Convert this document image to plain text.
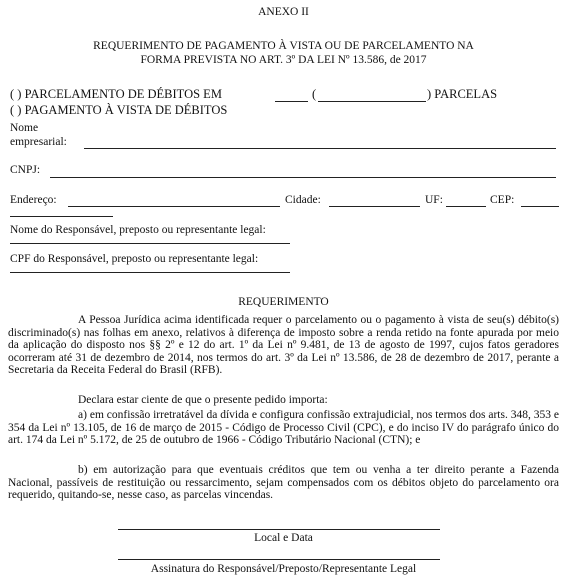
ANEXO II
REQUERIMENTO DE PAGAMENTO À VISTA OU DE PARCELAMENTO NA
FORMA PREVISTA NO ART. 3º DA LEI Nº 13.586, de 2017
( ) PARCELAMENTO DE DÉBITOS EM	(	) PARCELAS
( ) PAGAMENTO À VISTA DE DÉBITOS
Nome
empresarial:
CNPJ:
Endereço:	Cidade:	UF:	CEP:
Nome do Responsável, preposto ou representante legal:
CPF do Responsável, preposto ou representante legal:
REQUERIMENTO
A Pessoa Jurídica acima identificada requer o parcelamento ou o pagamento à vista de seu(s) débito(s) discriminado(s) nas folhas em anexo, relativos à diferença de imposto sobre a renda retido na fonte apurada por meio da aplicação do disposto nos §§ 2º e 12 do art. 1º da Lei nº 9.481, de 13 de agosto de 1997, cujos fatos geradores ocorreram até 31 de dezembro de 2014, nos termos do art. 3º da Lei nº 13.586, de 28 de dezembro de 2017, perante a Secretaria da Receita Federal do Brasil (RFB).
Declara estar ciente de que o presente pedido importa:
a) em confissão irretratável da dívida e configura confissão extrajudicial, nos termos dos arts. 348, 353 e 354 da Lei nº 13.105, de 16 de março de 2015 - Código de Processo Civil (CPC), e do inciso IV do parágrafo único do art. 174 da Lei nº 5.172, de 25 de outubro de 1966 - Código Tributário Nacional (CTN); e
b) em autorização para que eventuais créditos que tem ou venha a ter direito perante a Fazenda Nacional, passíveis de restituição ou ressarcimento, sejam compensados com os débitos objeto do parcelamento ora requerido, quitando-se, nesse caso, as parcelas vincendas.
Local e Data
Assinatura do Responsável/Preposto/Representante Legal
